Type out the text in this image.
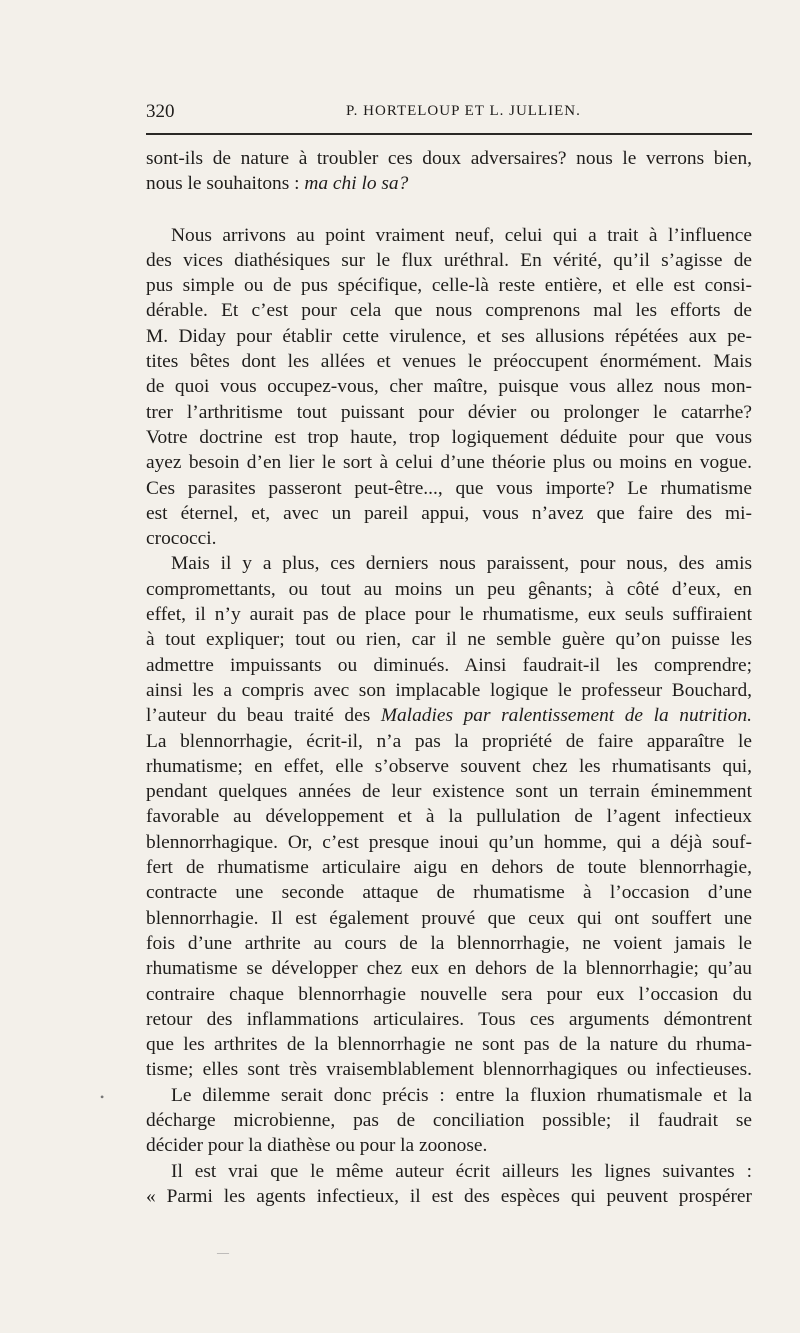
320	P. HORTELOUP ET L. JULLIEN.

sont-ils de nature à troubler ces doux adversaires? nous le verrons bien,

nous le souhaitons : ma chi lo sa?

Nous arrivons au point vraiment neuf, celui qui a trait à l’influence

des vices diathésiques sur le flux uréthral. En vérité, qu’il s’agisse de

pus simple ou de pus spécifique, celle-là reste entière, et elle est consi-

dérable. Et c’est pour cela que nous comprenons mal les efforts de

M. Diday pour établir cette virulence, et ses allusions répétées aux pe-

tites bêtes dont les allées et venues le préoccupent énormément. Mais

de quoi vous occupez-vous, cher maître, puisque vous allez nous mon-

trer l’arthritisme tout puissant pour dévier ou prolonger le catarrhe?

Votre doctrine est trop haute, trop logiquement déduite pour que vous

ayez besoin d’en lier le sort à celui d’une théorie plus ou moins en vogue.

Ces parasites passeront peut-être..., que vous importe? Le rhumatisme

est éternel, et, avec un pareil appui, vous n’avez que faire des mi-

crococci.

Mais il y a plus, ces derniers nous paraissent, pour nous, des amis

compromettants, ou tout au moins un peu gênants; à côté d’eux, en

effet, il n’y aurait pas de place pour le rhumatisme, eux seuls suffiraient

à tout expliquer; tout ou rien, car il ne semble guère qu’on puisse les

admettre impuissants ou diminués. Ainsi faudrait-il les comprendre;

ainsi les a compris avec son implacable logique le professeur Bouchard,

l’auteur du beau traité des Maladies par ralentissement de la nutrition.

La blennorrhagie, écrit-il, n’a pas la propriété de faire apparaître le

rhumatisme; en effet, elle s’observe souvent chez les rhumatisants qui,

pendant quelques années de leur existence sont un terrain éminemment

favorable au développement et à la pullulation de l’agent infectieux

blennorrhagique. Or, c’est presque inoui qu’un homme, qui a déjà souf-

fert de rhumatisme articulaire aigu en dehors de toute blennorrhagie,

contracte une seconde attaque de rhumatisme à l’occasion d’une

blennorrhagie. Il est également prouvé que ceux qui ont souffert une

fois d’une arthrite au cours de la blennorrhagie, ne voient jamais le

rhumatisme se développer chez eux en dehors de la blennorrhagie; qu’au

contraire chaque blennorrhagie nouvelle sera pour eux l’occasion du

retour des inflammations articulaires. Tous ces arguments démontrent

que les arthrites de la blennorrhagie ne sont pas de la nature du rhuma-

tisme; elles sont très vraisemblablement blennorrhagiques ou infectieuses.

Le dilemme serait donc précis : entre la fluxion rhumatismale et la

décharge microbienne, pas de conciliation possible; il faudrait se

décider pour la diathèse ou pour la zoonose.

Il est vrai que le même auteur écrit ailleurs les lignes suivantes :

« Parmi les agents infectieux, il est des espèces qui peuvent prospérer

•
—
